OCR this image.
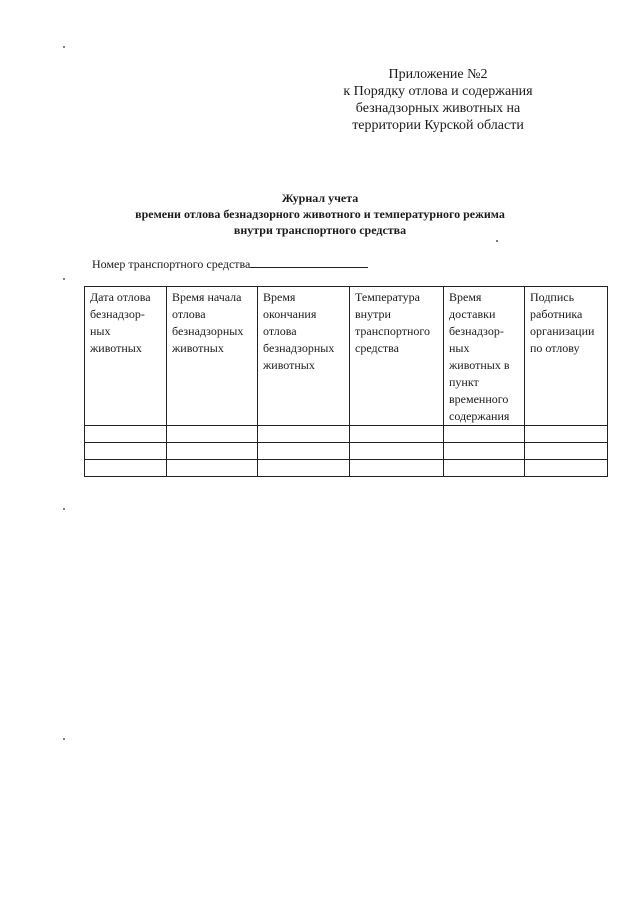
Приложение №2
к Порядку отлова и содержания
безнадзорных животных на
территории Курской области
Журнал учета
времени отлова безнадзорного животного и температурного режима
внутри транспортного средства
Номер транспортного средства
Дата отлова безнадзор-ных животных	Время начала отлова безнадзорных животных	Время окончания отлова безнадзорных животных	Температура внутри транспортного средства	Время доставки безнадзор-ных животных в пункт временного содержания	Подпись работника организации по отлову
